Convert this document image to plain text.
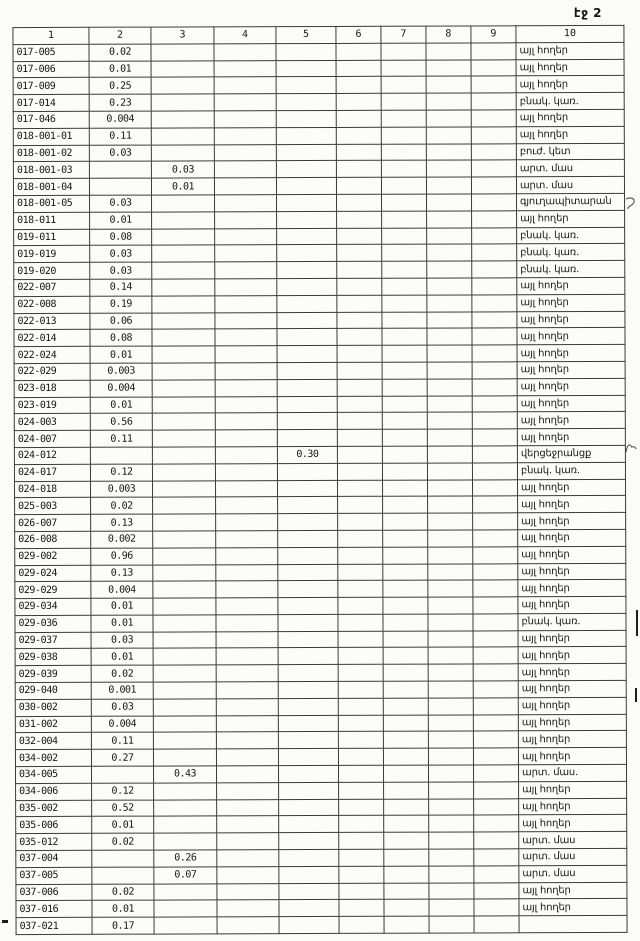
էջ 2
1	2	3	4	5	6	7	8	9	10
017-005	0.02								այլ հողեր
017-006	0.01								այլ հողեր
017-009	0.25								այլ հողեր
017-014	0.23								բնակ. կառ.
017-046	0.004								այլ հողեր
018-001-01	0.11								այլ հողեր
018-001-02	0.03								բուժ. կետ
018-001-03		0.03							արտ. մաս
018-001-04		0.01							արտ. մաս
018-001-05	0.03								գյուղապիտարան
018-011	0.01								այլ հողեր
019-011	0.08								բնակ. կառ.
019-019	0.03								բնակ. կառ.
019-020	0.03								բնակ. կառ.
022-007	0.14								այլ հողեր
022-008	0.19								այլ հողեր
022-013	0.06								այլ հողեր
022-014	0.08								այլ հողեր
022-024	0.01								այլ հողեր
022-029	0.003								այլ հողեր
023-018	0.004								այլ հողեր
023-019	0.01								այլ հողեր
024-003	0.56								այլ հողեր
024-007	0.11								այլ հողեր
024-012				0.30					վերցեջրանցք
024-017	0.12								բնակ. կառ.
024-018	0.003								այլ հողեր
025-003	0.02								այլ հողեր
026-007	0.13								այլ հողեր
026-008	0.002								այլ հողեր
029-002	0.96								այլ հողեր
029-024	0.13								այլ հողեր
029-029	0.004								այլ հողեր
029-034	0.01								այլ հողեր
029-036	0.01								բնակ. կառ.
029-037	0.03								այլ հողեր
029-038	0.01								այլ հողեր
029-039	0.02								այլ հողեր
029-040	0.001								այլ հողեր
030-002	0.03								այլ հողեր
031-002	0.004								այլ հողեր
032-004	0.11								այլ հողեր
034-002	0.27								այլ հողեր
034-005		0.43							արտ. մաս.
034-006	0.12								այլ հողեր
035-002	0.52								այլ հողեր
035-006	0.01								այլ հողեր
035-012	0.02								արտ. մաս
037-004		0.26							արտ. մաս
037-005		0.07							արտ. մաս
037-006	0.02								այլ հողեր
037-016	0.01								այլ հողեր
037-021	0.17								
